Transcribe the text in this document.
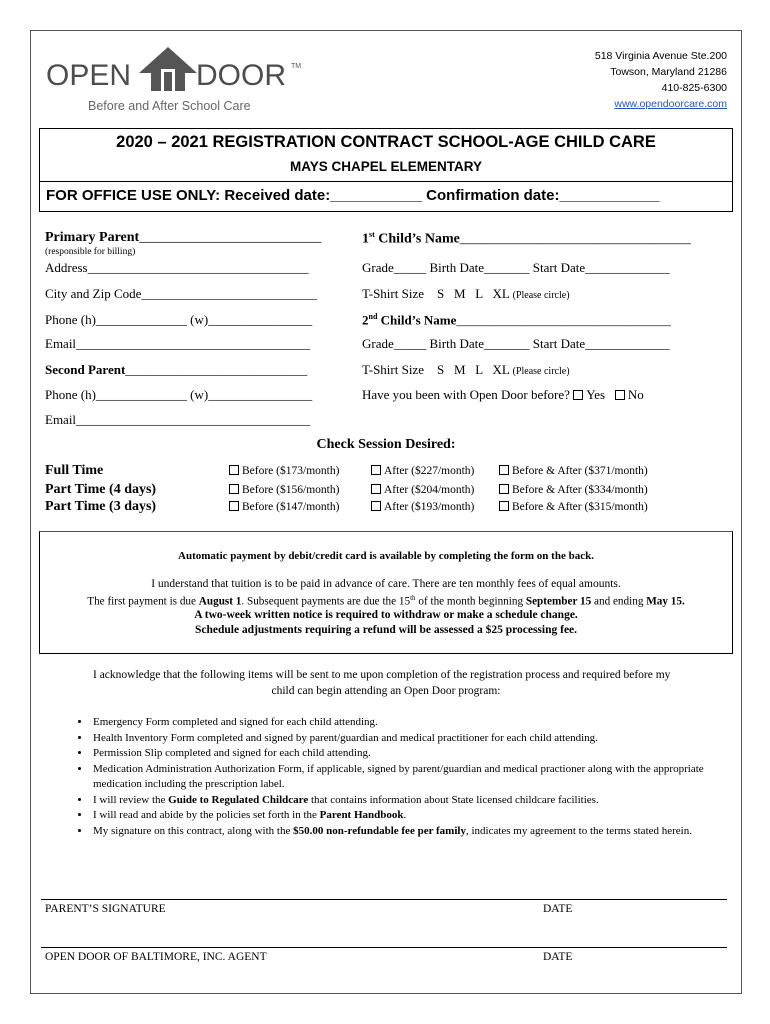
OPEN DOOR TM
Before and After School Care
518 Virginia Avenue Ste.200
Towson, Maryland 21286
410-825-6300
www.opendoorcare.com
2020 – 2021 REGISTRATION CONTRACT SCHOOL-AGE CHILD CARE
MAYS CHAPEL ELEMENTARY
FOR OFFICE USE ONLY: Received date:___________ Confirmation date:____________
Primary Parent__________________________
(responsible for billing)
Address__________________________________
City and Zip Code___________________________
Phone (h)______________ (w)________________
Email____________________________________
Second Parent____________________________
Phone (h)______________ (w)________________
Email____________________________________
1st Child’s Name_________________________________
Grade_____ Birth Date_______ Start Date_____________
T-Shirt Size S   M   L   XL (Please circle)
2nd Child’s Name_________________________________
Grade_____ Birth Date_______ Start Date_____________
T-Shirt Size S   M   L   XL (Please circle)
Have you been with Open Door before? Yes No
Check Session Desired:
Full Time	Before ($173/month)	After ($227/month)	Before & After ($371/month)
Part Time (4 days)	Before ($156/month)	After ($204/month)	Before & After ($334/month)
Part Time (3 days)	Before ($147/month)	After ($193/month)	Before & After ($315/month)
Automatic payment by debit/credit card is available by completing the form on the back.
I understand that tuition is to be paid in advance of care. There are ten monthly fees of equal amounts.
The first payment is due August 1. Subsequent payments are due the 15th of the month beginning September 15 and ending May 15.
A two-week written notice is required to withdraw or make a schedule change.
Schedule adjustments requiring a refund will be assessed a $25 processing fee.
I acknowledge that the following items will be sent to me upon completion of the registration process and required before my
child can begin attending an Open Door program:
• Emergency Form completed and signed for each child attending.
• Health Inventory Form completed and signed by parent/guardian and medical practitioner for each child attending.
• Permission Slip completed and signed for each child attending.
• Medication Administration Authorization Form, if applicable, signed by parent/guardian and medical practioner along with the appropriate medication including the prescription label.
• I will review the Guide to Regulated Childcare that contains information about State licensed childcare facilities.
• I will read and abide by the policies set forth in the Parent Handbook.
• My signature on this contract, along with the $50.00 non-refundable fee per family, indicates my agreement to the terms stated herein.
PARENT’S SIGNATURE	DATE
OPEN DOOR OF BALTIMORE, INC. AGENT	DATE
